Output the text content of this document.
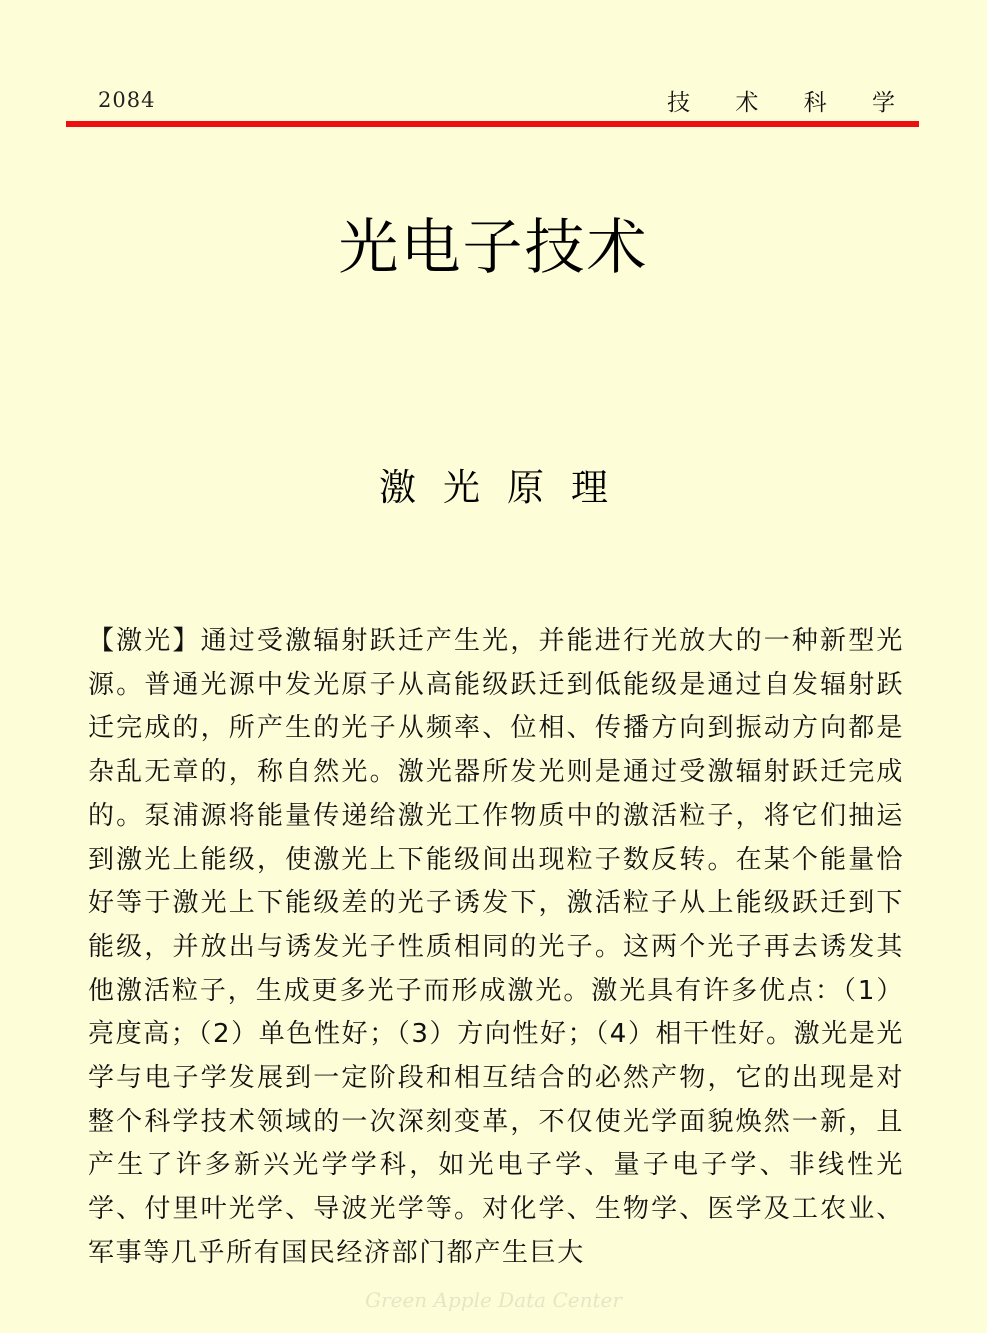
2084	技 术 科 学
光电子技术
激光原理
【激光】通过受激辐射跃迁产生光，并能进行光放大的一种新型光源。普通光源中发光原子从高能级跃迁到低能级是通过自发辐射跃迁完成的，所产生的光子从频率、位相、传播方向到振动方向都是杂乱无章的，称自然光。激光器所发光则是通过受激辐射跃迁完成的。泵浦源将能量传递给激光工作物质中的激活粒子，将它们抽运到激光上能级，使激光上下能级间出现粒子数反转。在某个能量恰好等于激光上下能级差的光子诱发下，激活粒子从上能级跃迁到下能级，并放出与诱发光子性质相同的光子。这两个光子再去诱发其他激活粒子，生成更多光子而形成激光。激光具有许多优点：（1）亮度高；（2）单色性好；（3）方向性好；（4）相干性好。激光是光学与电子学发展到一定阶段和相互结合的必然产物，它的出现是对整个科学技术领域的一次深刻变革，不仅使光学面貌焕然一新，且产生了许多新兴光学学科，如光电子学、量子电子学、非线性光学、付里叶光学、导波光学等。对化学、生物学、医学及工农业、军事等几乎所有国民经济部门都产生巨大
Green Apple Data Center
